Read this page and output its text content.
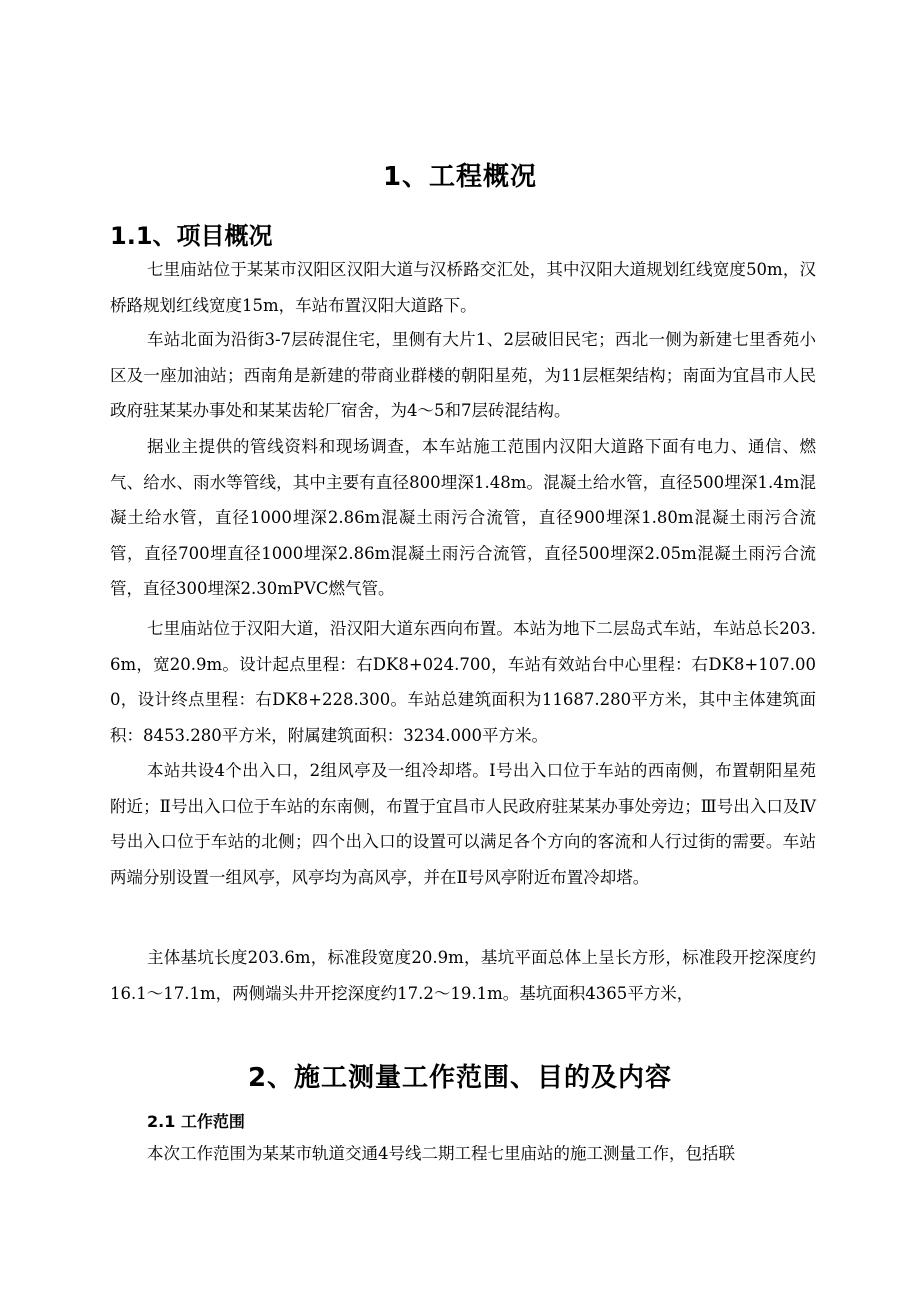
1、工程概况
1.1、项目概况

七里庙站位于某某市汉阳区汉阳大道与汉桥路交汇处，其中汉阳大道规划红线宽度50m，汉桥路规划红线宽度15m，车站布置汉阳大道路下。

车站北面为沿街3-7层砖混住宅，里侧有大片1、2层破旧民宅；西北一侧为新建七里香苑小区及一座加油站；西南角是新建的带商业群楼的朝阳星苑，为11层框架结构；南面为宜昌市人民政府驻某某办事处和某某齿轮厂宿舍，为4～5和7层砖混结构。

据业主提供的管线资料和现场调查，本车站施工范围内汉阳大道路下面有电力、通信、燃气、给水、雨水等管线，其中主要有直径800埋深1.48m。混凝土给水管，直径500埋深1.4m混凝土给水管，直径1000埋深2.86m混凝土雨污合流管，直径900埋深1.80m混凝土雨污合流管，直径700埋直径1000埋深2.86m混凝土雨污合流管，直径500埋深2.05m混凝土雨污合流管，直径300埋深2.30mPVC燃气管。

七里庙站位于汉阳大道，沿汉阳大道东西向布置。本站为地下二层岛式车站，车站总长203.6m，宽20.9m。设计起点里程：右DK8+024.700，车站有效站台中心里程：右DK8+107.000，设计终点里程：右DK8+228.300。车站总建筑面积为11687.280平方米，其中主体建筑面积：8453.280平方米，附属建筑面积：3234.000平方米。

本站共设4个出入口，2组风亭及一组冷却塔。Ⅰ号出入口位于车站的西南侧，布置朝阳星苑附近；Ⅱ号出入口位于车站的东南侧，布置于宜昌市人民政府驻某某办事处旁边；Ⅲ号出入口及Ⅳ号出入口位于车站的北侧；四个出入口的设置可以满足各个方向的客流和人行过街的需要。车站两端分别设置一组风亭，风亭均为高风亭，并在Ⅱ号风亭附近布置冷却塔。

主体基坑长度203.6m，标准段宽度20.9m，基坑平面总体上呈长方形，标准段开挖深度约16.1～17.1m，两侧端头井开挖深度约17.2～19.1m。基坑面积4365平方米，

2、施工测量工作范围、目的及内容
2.1 工作范围

本次工作范围为某某市轨道交通4号线二期工程七里庙站的施工测量工作，包括联
